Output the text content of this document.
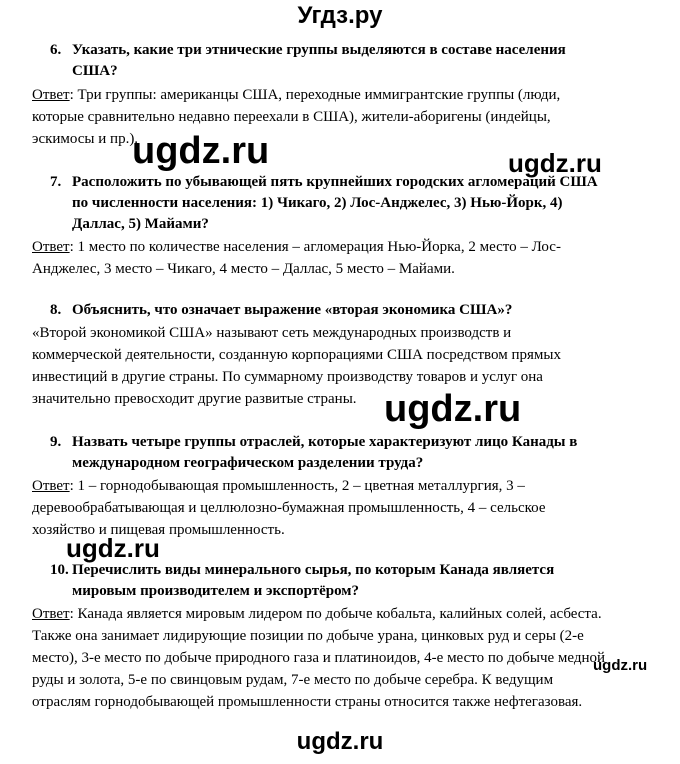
Угдз.ру
6. Указать, какие три этнические группы выделяются в составе населения
США?
Ответ: Три группы: американцы США, переходные иммигрантские группы (люди,
которые сравнительно недавно переехали в США), жители-аборигены (индейцы,
эскимосы и пр.).
7. Расположить по убывающей пять крупнейших городских агломераций США
по численности населения: 1) Чикаго, 2) Лос-Анджелес, 3) Нью-Йорк, 4)
Даллас, 5) Майами?
Ответ: 1 место по количестве населения – агломерация Нью-Йорка, 2 место – Лос-
Анджелес, 3 место – Чикаго, 4 место – Даллас, 5 место – Майами.
8. Объяснить, что означает выражение «вторая экономика США»?
«Второй экономикой США» называют сеть международных производств и
коммерческой деятельности, созданную корпорациями США посредством прямых
инвестиций в другие страны. По суммарному производству товаров и услуг она
значительно превосходит другие развитые страны.
9. Назвать четыре группы отраслей, которые характеризуют лицо Канады в
международном географическом разделении труда?
Ответ: 1 – горнодобывающая промышленность, 2 – цветная металлургия, 3 –
деревообрабатывающая и целлюлозно-бумажная промышленность, 4 – сельское
хозяйство и пищевая промышленность.
10. Перечислить виды минерального сырья, по которым Канада является
мировым производителем и экспортёром?
Ответ: Канада является мировым лидером по добыче кобальта, калийных солей, асбеста.
Также она занимает лидирующие позиции по добыче урана, цинковых руд и серы (2-е
место), 3-е место по добыче природного газа и платиноидов, 4-е место по добыче медной
руды и золота, 5-е по свинцовым рудам, 7-е место по добыче серебра. К ведущим
отраслям горнодобывающей промышленности страны относится также нефтегазовая.
ugdz.ru	ugdz.ru
ugdz.ru
ugdz.ru
ugdz.ru
ugdz.ru
